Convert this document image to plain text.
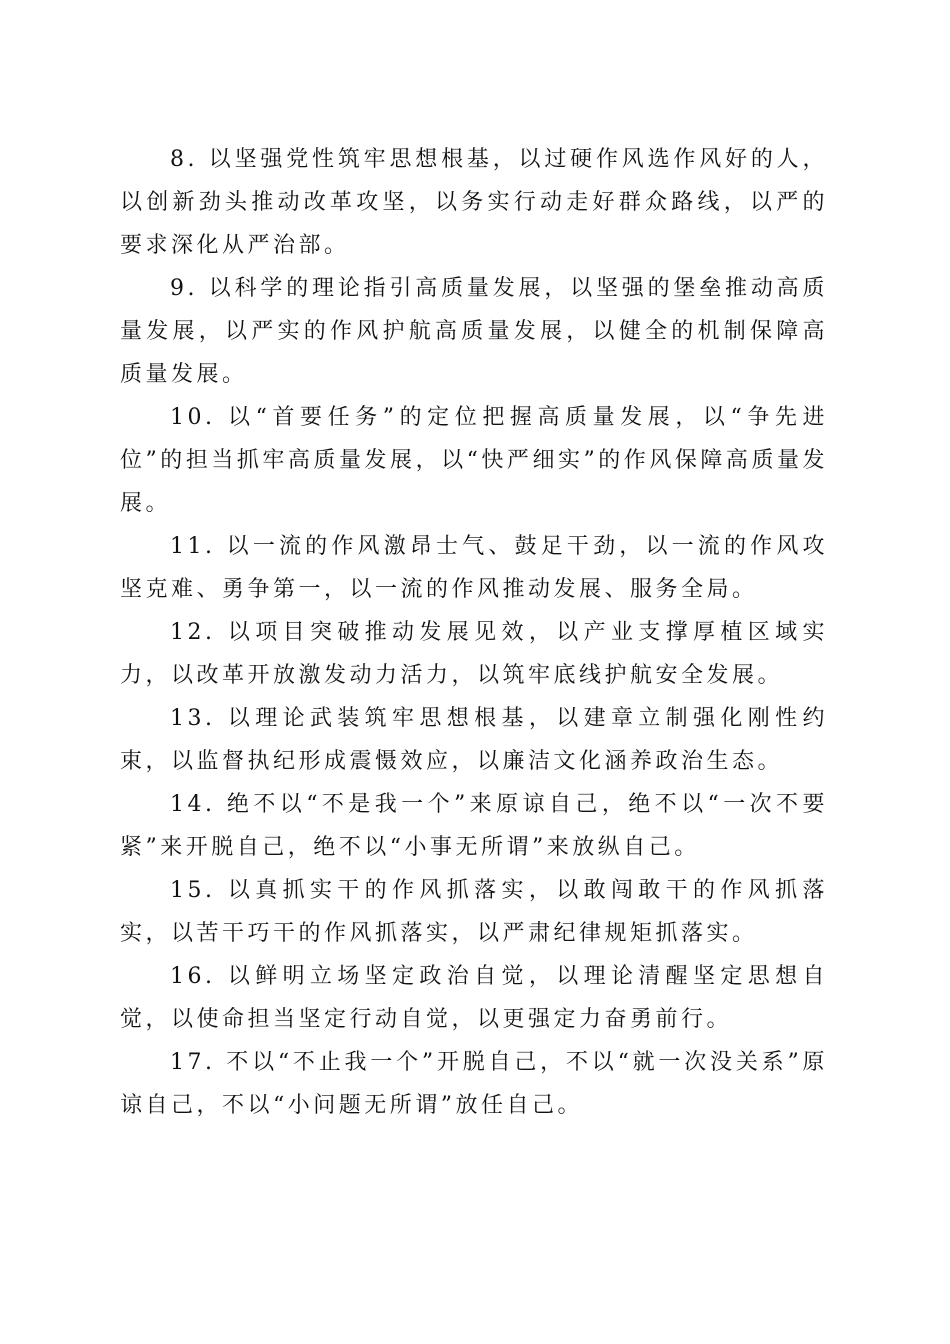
8. 以坚强党性筑牢思想根基，以过硬作风选作风好的人，以创新劲头推动改革攻坚，以务实行动走好群众路线，以严的要求深化从严治部。

9. 以科学的理论指引高质量发展，以坚强的堡垒推动高质量发展，以严实的作风护航高质量发展，以健全的机制保障高质量发展。

10. 以“首要任务”的定位把握高质量发展，以“争先进位”的担当抓牢高质量发展，以“快严细实”的作风保障高质量发展。

11. 以一流的作风激昂士气、鼓足干劲，以一流的作风攻坚克难、勇争第一，以一流的作风推动发展、服务全局。

12. 以项目突破推动发展见效，以产业支撑厚植区域实力，以改革开放激发动力活力，以筑牢底线护航安全发展。

13. 以理论武装筑牢思想根基，以建章立制强化刚性约束，以监督执纪形成震慑效应，以廉洁文化涵养政治生态。

14. 绝不以“不是我一个”来原谅自己，绝不以“一次不要紧”来开脱自己，绝不以“小事无所谓”来放纵自己。

15. 以真抓实干的作风抓落实，以敢闯敢干的作风抓落实，以苦干巧干的作风抓落实，以严肃纪律规矩抓落实。

16. 以鲜明立场坚定政治自觉，以理论清醒坚定思想自觉，以使命担当坚定行动自觉，以更强定力奋勇前行。

17. 不以“不止我一个”开脱自己，不以“就一次没关系”原谅自己，不以“小问题无所谓”放任自己。
